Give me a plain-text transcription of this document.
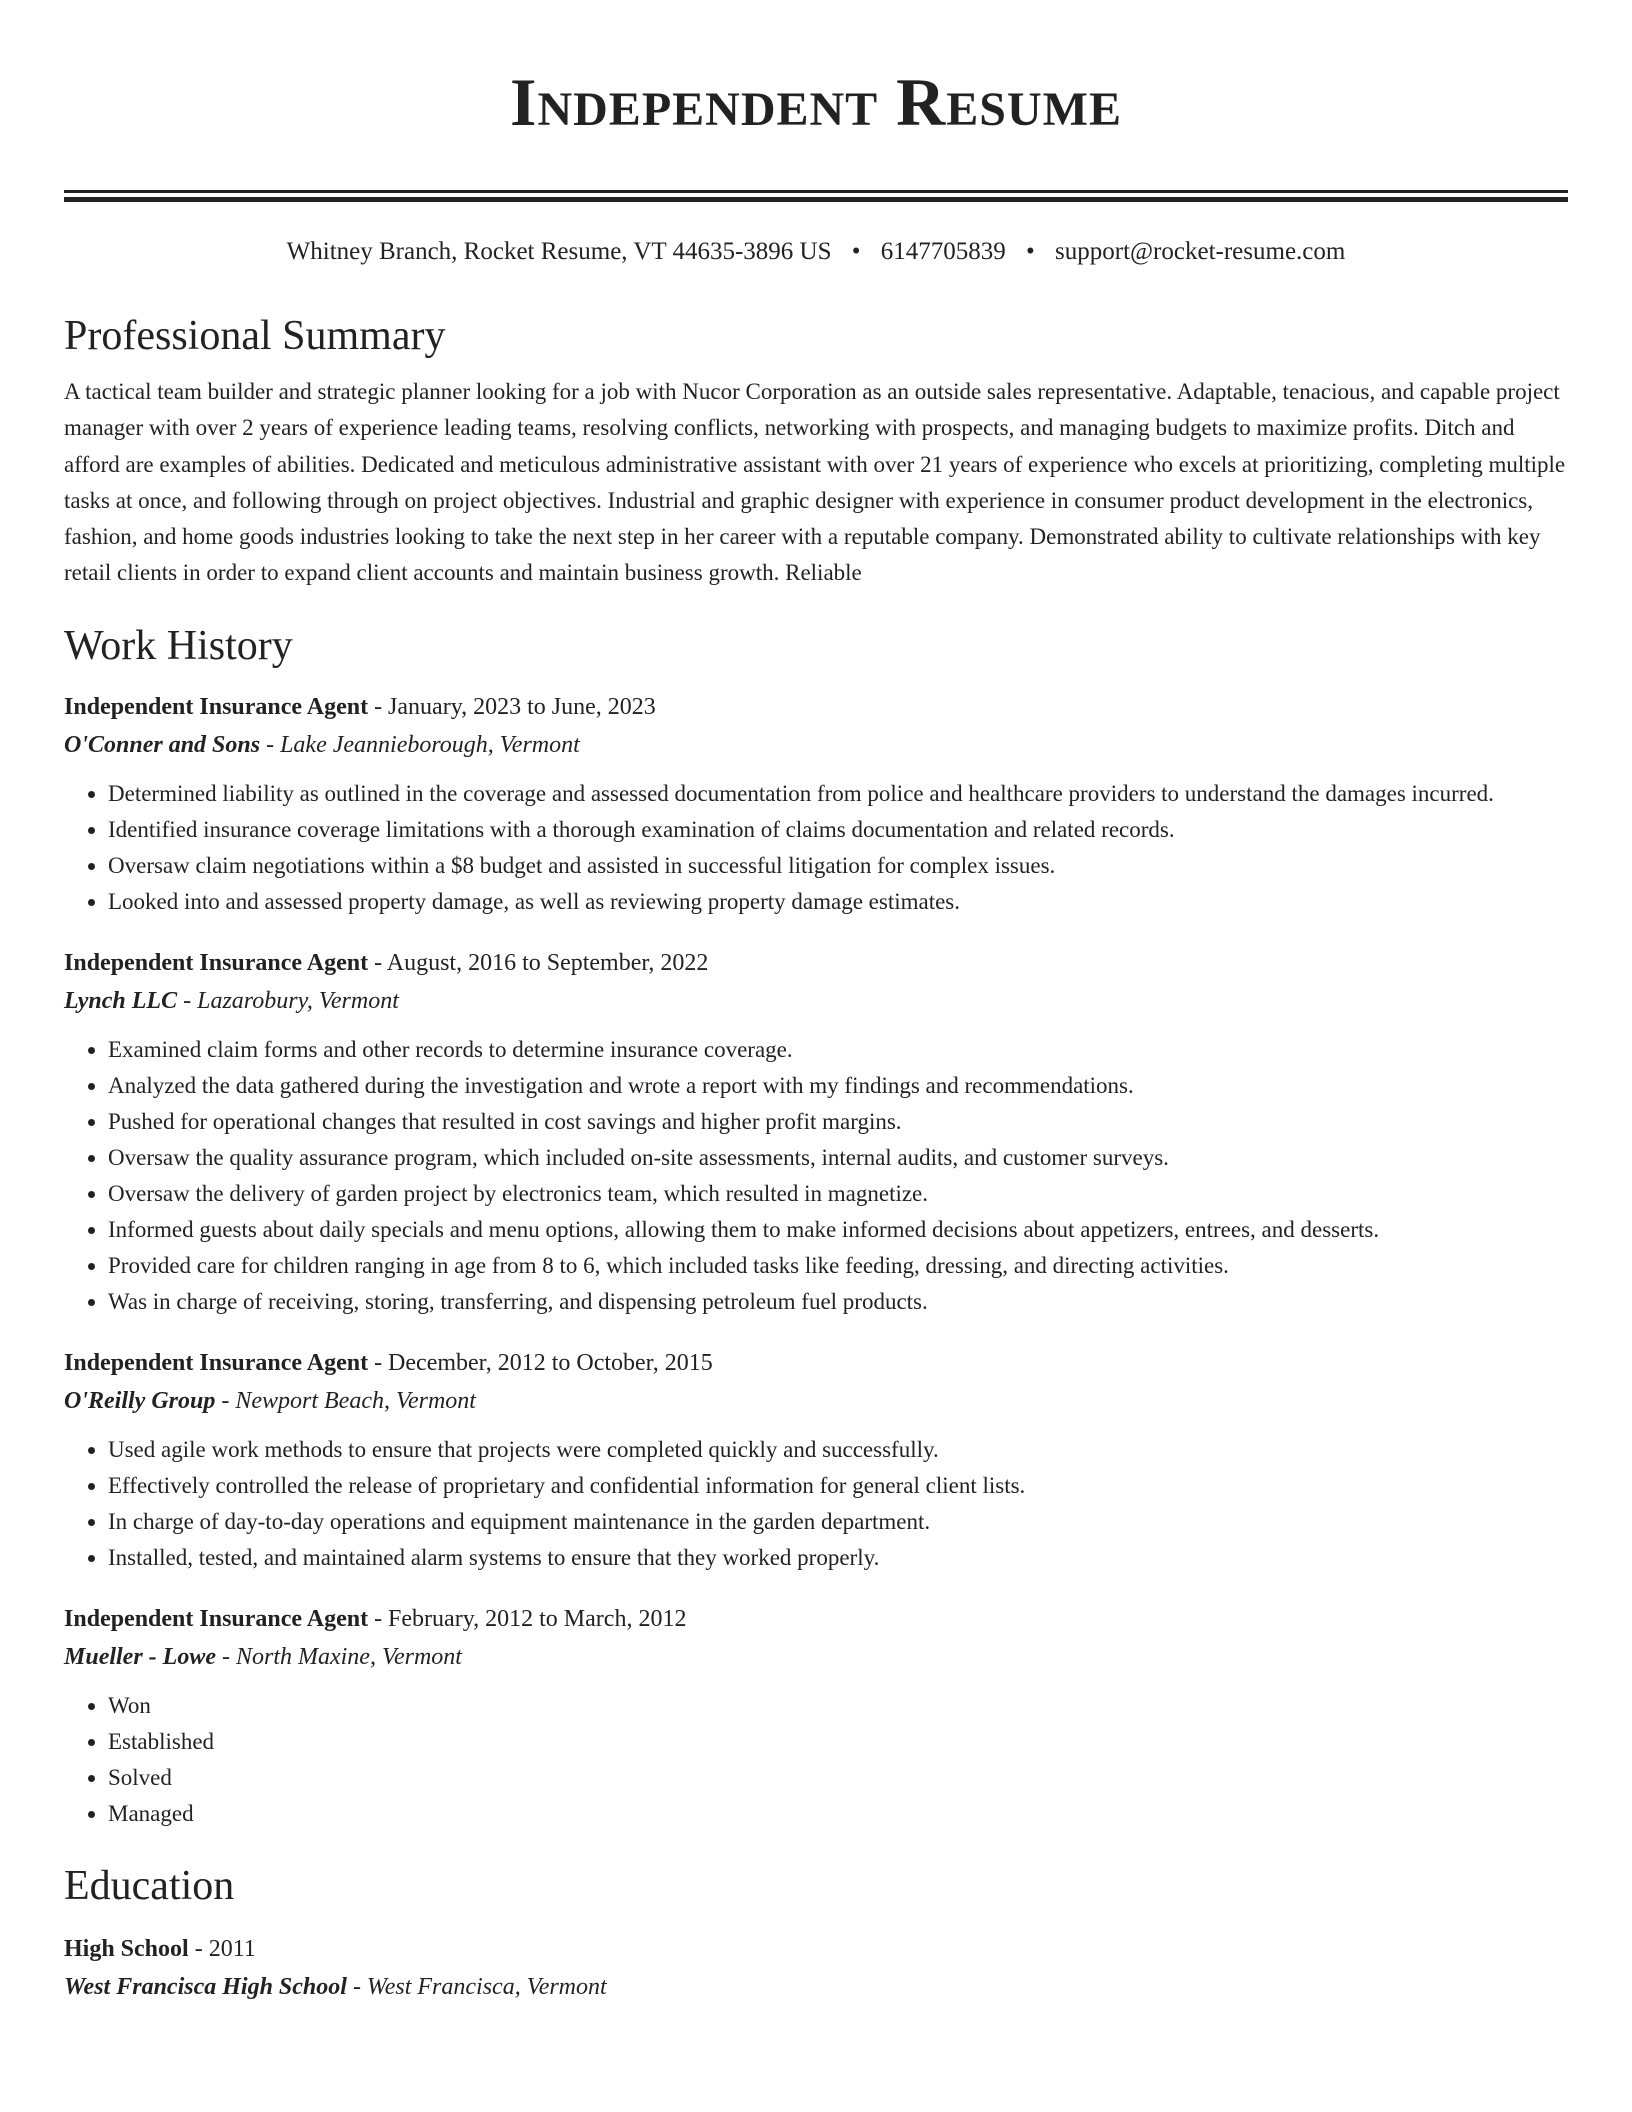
Independent Resume
Whitney Branch, Rocket Resume, VT 44635-3896 US • 6147705839 • support@rocket-resume.com
Professional Summary
A tactical team builder and strategic planner looking for a job with Nucor Corporation as an outside sales representative. Adaptable, tenacious, and capable project manager with over 2 years of experience leading teams, resolving conflicts, networking with prospects, and managing budgets to maximize profits. Ditch and afford are examples of abilities. Dedicated and meticulous administrative assistant with over 21 years of experience who excels at prioritizing, completing multiple tasks at once, and following through on project objectives. Industrial and graphic designer with experience in consumer product development in the electronics, fashion, and home goods industries looking to take the next step in her career with a reputable company. Demonstrated ability to cultivate relationships with key retail clients in order to expand client accounts and maintain business growth. Reliable
Work History
Independent Insurance Agent - January, 2023 to June, 2023
O'Conner and Sons - Lake Jeannieborough, Vermont
• Determined liability as outlined in the coverage and assessed documentation from police and healthcare providers to understand the damages incurred.
• Identified insurance coverage limitations with a thorough examination of claims documentation and related records.
• Oversaw claim negotiations within a $8 budget and assisted in successful litigation for complex issues.
• Looked into and assessed property damage, as well as reviewing property damage estimates.
Independent Insurance Agent - August, 2016 to September, 2022
Lynch LLC - Lazarobury, Vermont
• Examined claim forms and other records to determine insurance coverage.
• Analyzed the data gathered during the investigation and wrote a report with my findings and recommendations.
• Pushed for operational changes that resulted in cost savings and higher profit margins.
• Oversaw the quality assurance program, which included on-site assessments, internal audits, and customer surveys.
• Oversaw the delivery of garden project by electronics team, which resulted in magnetize.
• Informed guests about daily specials and menu options, allowing them to make informed decisions about appetizers, entrees, and desserts.
• Provided care for children ranging in age from 8 to 6, which included tasks like feeding, dressing, and directing activities.
• Was in charge of receiving, storing, transferring, and dispensing petroleum fuel products.
Independent Insurance Agent - December, 2012 to October, 2015
O'Reilly Group - Newport Beach, Vermont
• Used agile work methods to ensure that projects were completed quickly and successfully.
• Effectively controlled the release of proprietary and confidential information for general client lists.
• In charge of day-to-day operations and equipment maintenance in the garden department.
• Installed, tested, and maintained alarm systems to ensure that they worked properly.
Independent Insurance Agent - February, 2012 to March, 2012
Mueller - Lowe - North Maxine, Vermont
• Won
• Established
• Solved
• Managed
Education
High School - 2011
West Francisca High School - West Francisca, Vermont
